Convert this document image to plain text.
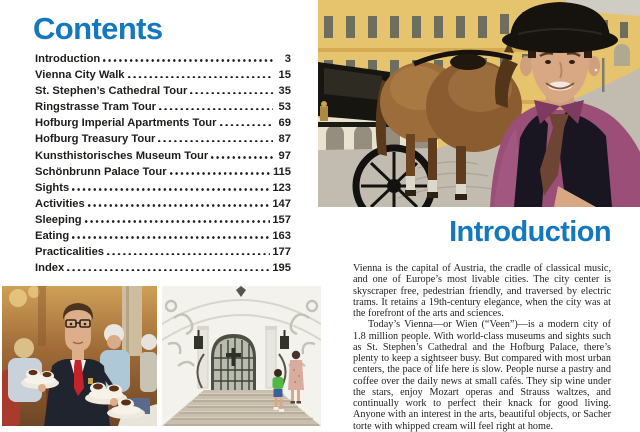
Contents
Introduction	3
Vienna City Walk	15
St. Stephen’s Cathedral Tour	35
Ringstrasse Tram Tour	53
Hofburg Imperial Apartments Tour	69
Hofburg Treasury Tour	87
Kunsthistorisches Museum Tour	97
Schönbrunn Palace Tour	115
Sights	123
Activities	147
Sleeping	157
Eating	163
Practicalities	177
Index	195
Introduction

Vienna is the capital of Austria, the cradle of classical music, and one of Europe’s most livable cities. The city center is skyscraper free, pedestrian friendly, and traversed by electric trams. It retains a 19th-century elegance, when the city was at the forefront of the arts and sciences.

Today’s Vienna—or Wien (“Veen”)—is a modern city of 1.8 million people. With world-class museums and sights such as St. Stephen’s Cathedral and the Hofburg Palace, there’s plenty to keep a sightseer busy. But compared with most urban centers, the pace of life here is slow. People nurse a pastry and coffee over the daily news at small cafés. They sip wine under the stars, enjoy Mozart operas and Strauss waltzes, and continually work to perfect their knack for good living. Anyone with an interest in the arts, beautiful objects, or Sacher torte with whipped cream will feel right at home.
